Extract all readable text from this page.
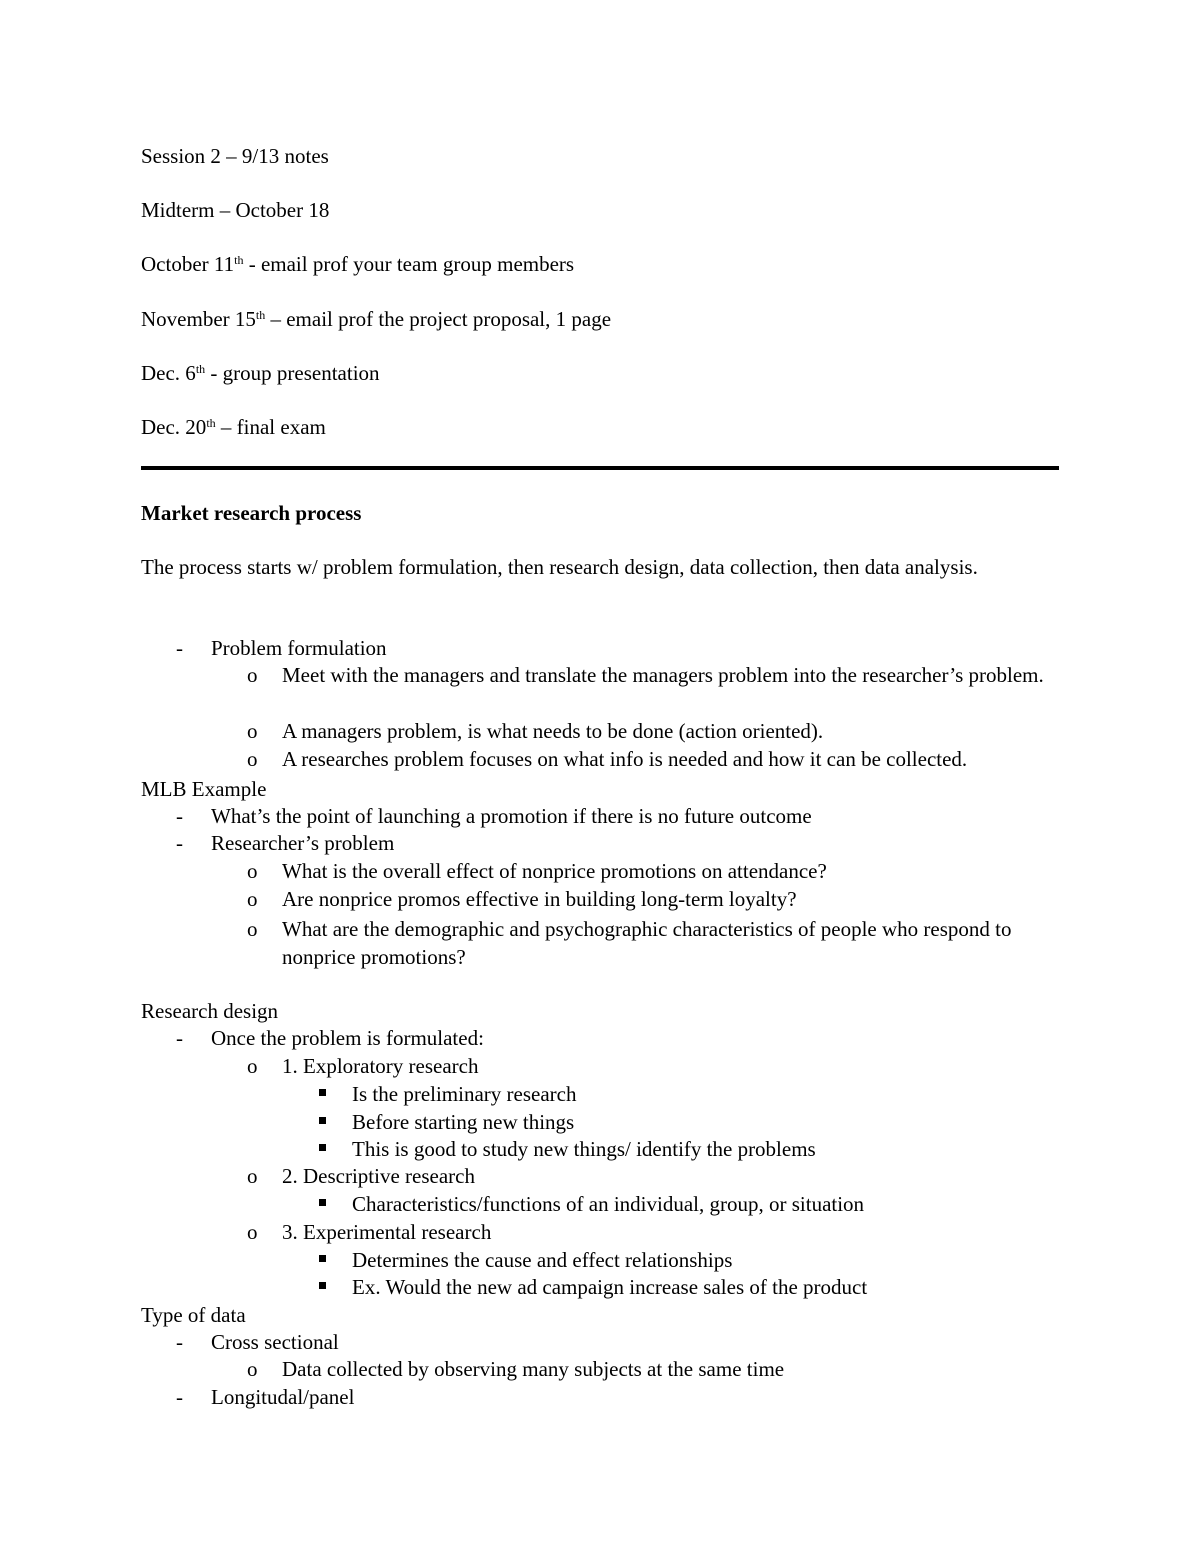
Session 2 – 9/13 notes
Midterm – October 18
October 11th - email prof your team group members
November 15th – email prof the project proposal, 1 page
Dec. 6th - group presentation
Dec. 20th – final exam
Market research process
The process starts w/ problem formulation, then research design, data collection, then data analysis.
- Problem formulation
o Meet with the managers and translate the managers problem into the researcher’s problem.
o A managers problem, is what needs to be done (action oriented).
o A researches problem focuses on what info is needed and how it can be collected.
MLB Example
- What’s the point of launching a promotion if there is no future outcome
- Researcher’s problem
o What is the overall effect of nonprice promotions on attendance?
o Are nonprice promos effective in building long-term loyalty?
o What are the demographic and psychographic characteristics of people who respond to nonprice promotions?
Research design
- Once the problem is formulated:
o 1. Exploratory research
Is the preliminary research
Before starting new things
This is good to study new things/ identify the problems
o 2. Descriptive research
Characteristics/functions of an individual, group, or situation
o 3. Experimental research
Determines the cause and effect relationships
Ex. Would the new ad campaign increase sales of the product
Type of data
- Cross sectional
o Data collected by observing many subjects at the same time
- Longitudal/panel
